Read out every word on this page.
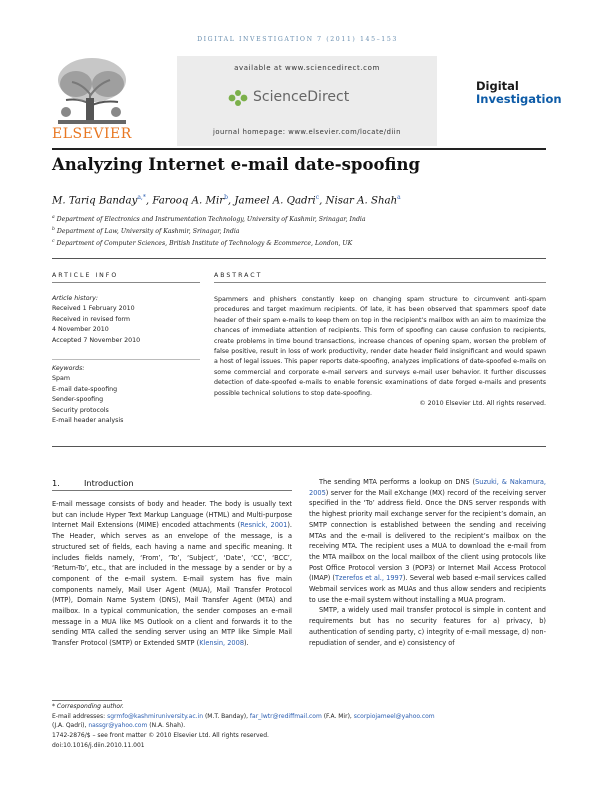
DIGITAL INVESTIGATION 7 (2011) 145–153
ELSEVIER
available at www.sciencedirect.com
ScienceDirect
journal homepage: www.elsevier.com/locate/diin
Digital
Investigation
Analyzing Internet e-mail date-spoofing
M. Tariq Banday$^{a,*}$, Farooq A. Mir$^b$, Jameel A. Qadri$^c$, Nisar A. Shah$^a$
$^a$ Department of Electronics and Instrumentation Technology, University of Kashmir, Srinagar, India
$^b$ Department of Law, University of Kashmir, Srinagar, India
$^c$ Department of Computer Sciences, British Institute of Technology & Ecommerce, London, UK
ARTICLE INFO
Article history:
Received 1 February 2010
Received in revised form
4 November 2010
Accepted 7 November 2010
Keywords:
Spam
E-mail date-spoofing
Sender-spoofing
Security protocols
E-mail header analysis
ABSTRACT
Spammers and phishers constantly keep on changing spam structure to circumvent anti-spam procedures and target maximum recipients. Of late, it has been observed that spammers spoof date header of their spam e-mails to keep them on top in the recipient’s mailbox with an aim to maximize the chances of immediate attention of recipients. This form of spoofing can cause confusion to recipients, create problems in time bound transactions, increase chances of opening spam, worsen the problem of false positive, result in loss of work productivity, render date header field insignificant and would spawn a host of legal issues. This paper reports date-spoofing, analyzes implications of date-spoofed e-mails on some commercial and corporate e-mail servers and surveys e-mail user behavior. It further discusses detection of date-spoofed e-mails to enable forensic examinations of date forged e-mails and presents possible technical solutions to stop date-spoofing.
© 2010 Elsevier Ltd. All rights reserved.
1.	Introduction

E-mail message consists of body and header. The body is usually text but can include Hyper Text Markup Language (HTML) and Multi-purpose Internet Mail Extensions (MIME) encoded attachments (Resnick, 2001). The Header, which serves as an envelope of the message, is a structured set of fields, each having a name and specific meaning. It includes fields namely, ‘From’, ‘To’, ‘Subject’, ‘Date’, ‘CC’, ‘BCC’, ‘Return-To’, etc., that are included in the message by a sender or by a component of the e-mail system. E-mail system has five main components namely, Mail User Agent (MUA), Mail Transfer Protocol (MTP), Domain Name System (DNS), Mail Transfer Agent (MTA) and mailbox. In a typical communication, the sender composes an e-mail message in a MUA like MS Outlook on a client and forwards it to the sending MTA called the sending server using an MTP like Simple Mail Transfer Protocol (SMTP) or Extended SMTP (Klensin, 2008).

The sending MTA performs a lookup on DNS (Suzuki, & Nakamura, 2005) server for the Mail eXchange (MX) record of the receiving server specified in the ‘To’ address field. Once the DNS server responds with the highest priority mail exchange server for the recipient’s domain, an SMTP connection is established between the sending and receiving MTAs and the e-mail is delivered to the recipient’s mailbox on the receiving MTA. The recipient uses a MUA to download the e-mail from the MTA mailbox on the local mailbox of the client using protocols like Post Office Protocol version 3 (POP3) or Internet Mail Access Protocol (IMAP) (Tzerefos et al., 1997). Several web based e-mail services called Webmail services work as MUAs and thus allow senders and recipients to use the e-mail system without installing a MUA program.

SMTP, a widely used mail transfer protocol is simple in content and requirements but has no security features for a) privacy, b) authentication of sending party, c) integrity of e-mail message, d) non-repudiation of sender, and e) consistency of

* Corresponding author.
E-mail addresses: sgrmfo@kashmiruniversity.ac.in (M.T. Banday), far_lwtr@rediffmail.com (F.A. Mir), scorpiojameel@yahoo.com
(J.A. Qadri), nassgr@yahoo.com (N.A. Shah).
1742-2876/$ – see front matter © 2010 Elsevier Ltd. All rights reserved.
doi:10.1016/j.diin.2010.11.001
